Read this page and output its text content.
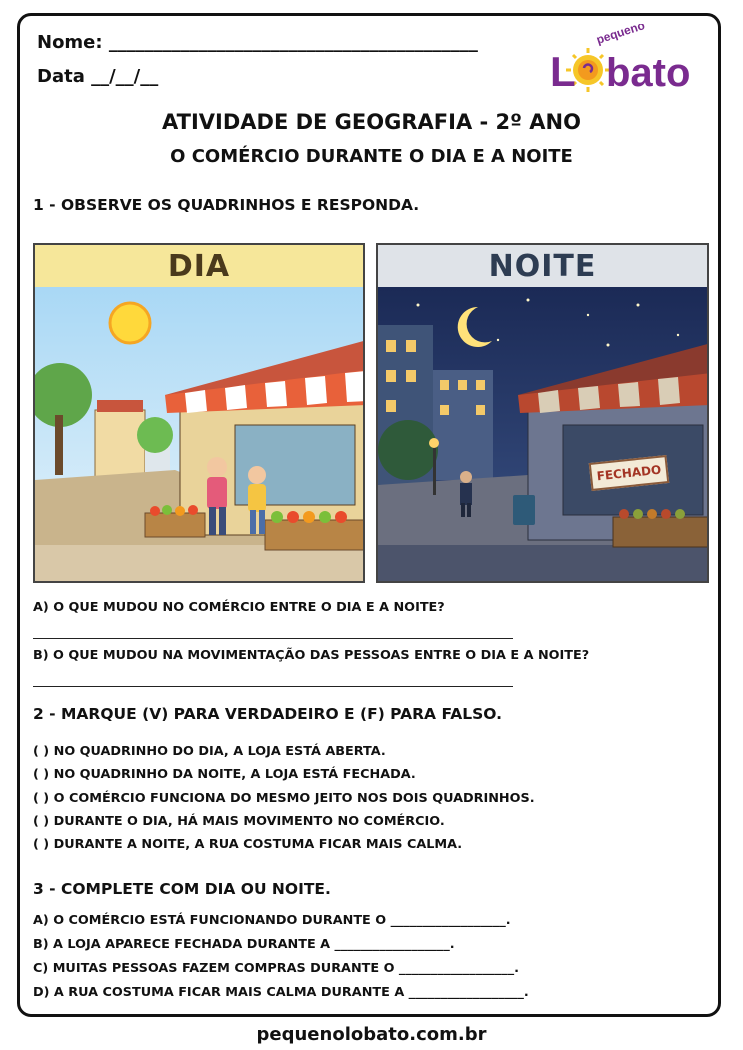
Nome: _________________________________________
Data __/__/__
pequeno
L bato
ATIVIDADE DE GEOGRAFIA - 2º ANO
O COMÉRCIO DURANTE O DIA E A NOITE
1 - OBSERVE OS QUADRINHOS E RESPONDA.
DIA	NOITE
FECHADO
A) O QUE MUDOU NO COMÉRCIO ENTRE O DIA E A NOITE?
B) O QUE MUDOU NA MOVIMENTAÇÃO DAS PESSOAS ENTRE O DIA E A NOITE?
2 - MARQUE (V) PARA VERDADEIRO E (F) PARA FALSO.
( ) NO QUADRINHO DO DIA, A LOJA ESTÁ ABERTA.
( ) NO QUADRINHO DA NOITE, A LOJA ESTÁ FECHADA.
( ) O COMÉRCIO FUNCIONA DO MESMO JEITO NOS DOIS QUADRINHOS.
( ) DURANTE O DIA, HÁ MAIS MOVIMENTO NO COMÉRCIO.
( ) DURANTE A NOITE, A RUA COSTUMA FICAR MAIS CALMA.
3 - COMPLETE COM DIA OU NOITE.
A) O COMÉRCIO ESTÁ FUNCIONANDO DURANTE O __________________.
B) A LOJA APARECE FECHADA DURANTE A __________________.
C) MUITAS PESSOAS FAZEM COMPRAS DURANTE O __________________.
D) A RUA COSTUMA FICAR MAIS CALMA DURANTE A __________________.
pequenolobato.com.br
